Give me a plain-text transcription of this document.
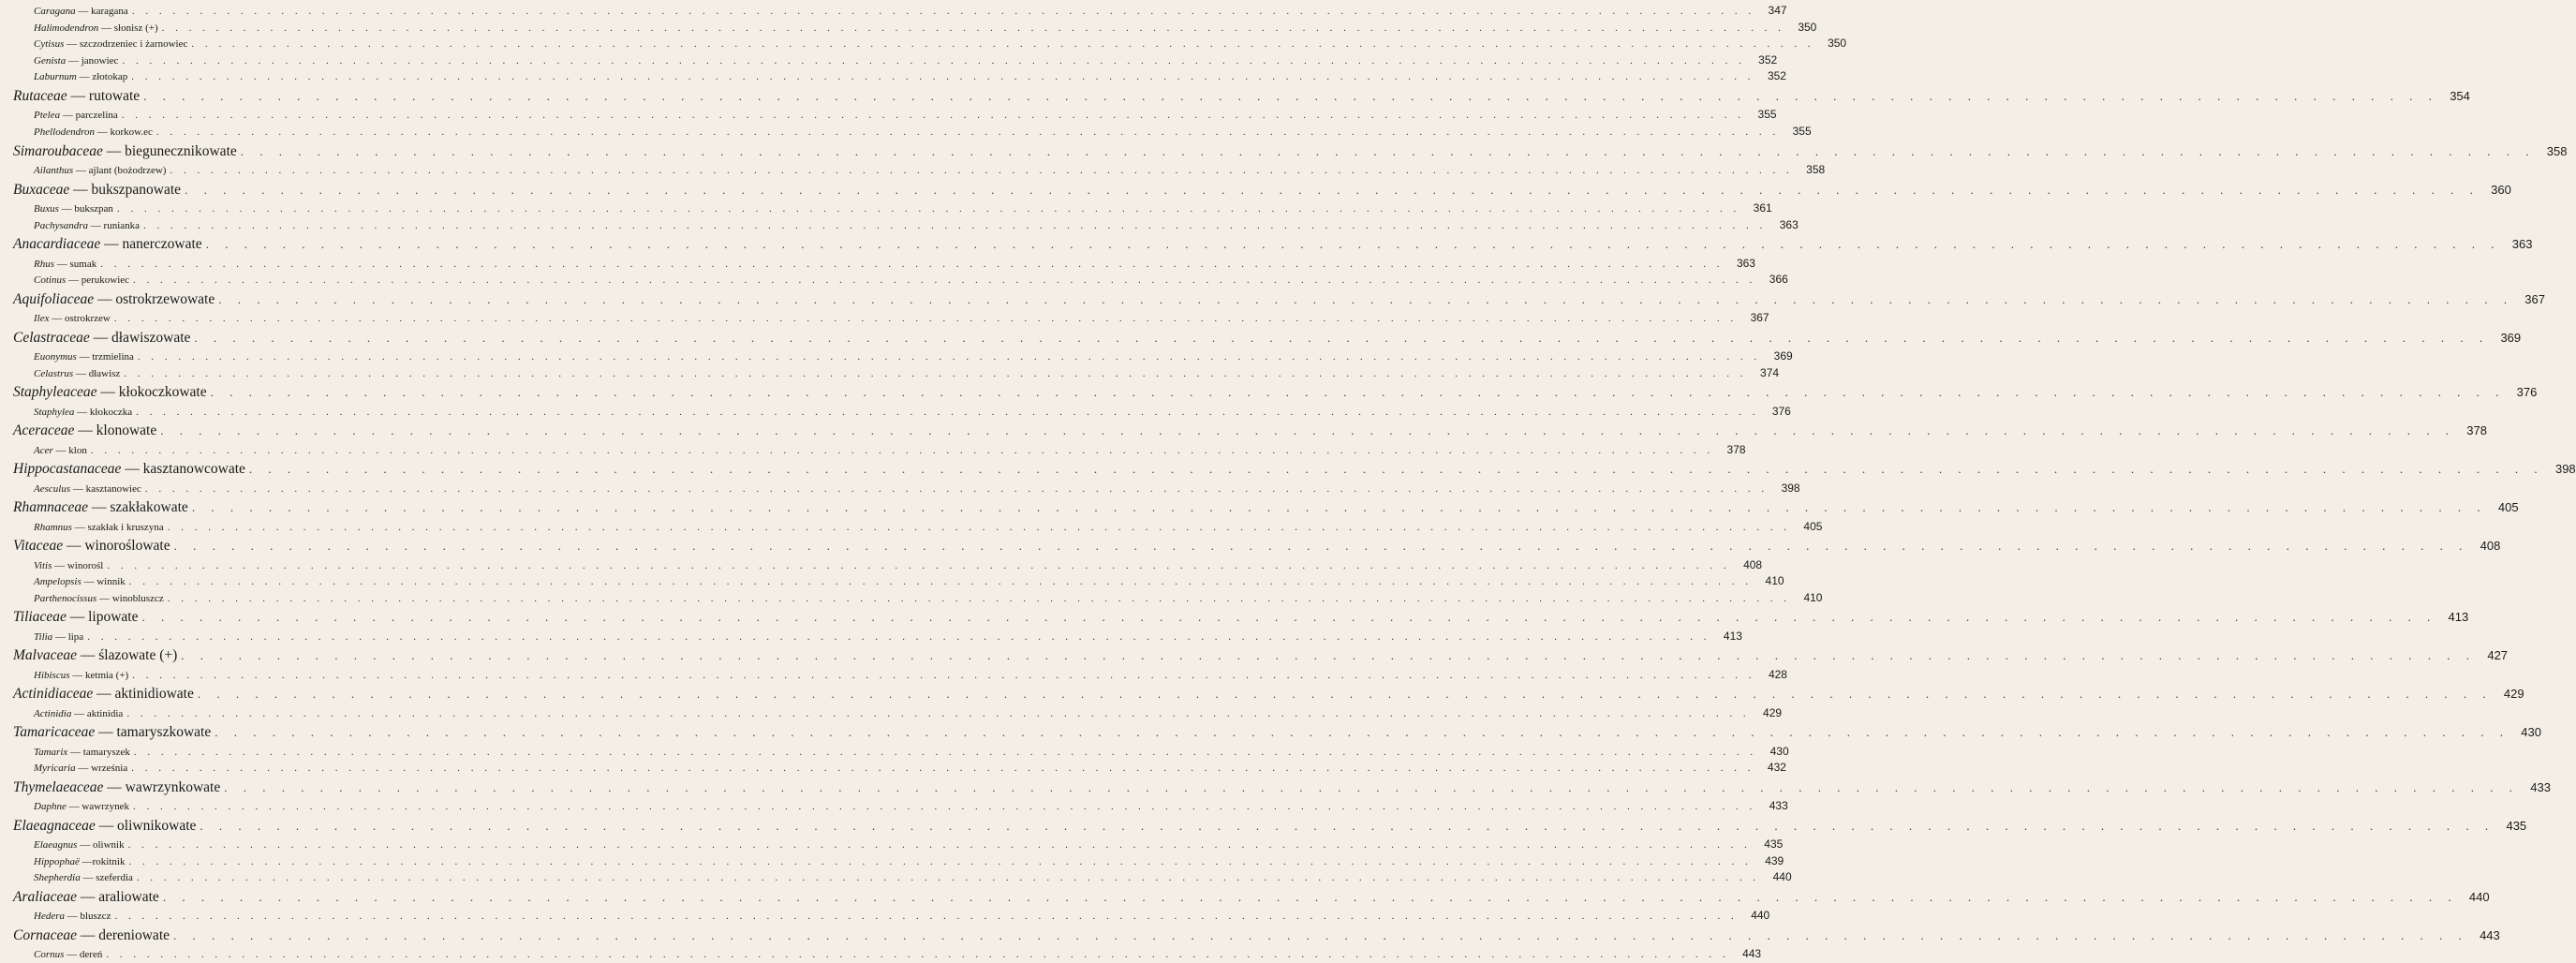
Caragana — karagana . . . . . . . . . . . . . . . . . . . . . . . . . . . . . . . . . . . . . . . . . . . . . . . . . . . . . . . . . . . . . . . . . . . . . . . . . . . . . . . . . . . . . . . . . . . . . . . . . . . . . . . . . . . . . . . . . . . . . . . .	347
Halimodendron — słonisz (+) . . . . . . . . . . . . . . . . . . . . . . . . . . . . . . . . . . . . . . . . . . . . . . . . . . . . . . . . . . . . . . . . . . . . . . . . . . . . . . . . . . . . . . . . . . . . . . . . . . . . . . . . . . . . . . . . . . . . . . . .	350
Cytisus — szczodrzeniec i żarnowiec . . . . . . . . . . . . . . . . . . . . . . . . . . . . . . . . . . . . . . . . . . . . . . . . . . . . . . . . . . . . . . . . . . . . . . . . . . . . . . . . . . . . . . . . . . . . . . . . . . . . . . . . . . . . . . . . . . . . . . . .	350
Genista — janowiec . . . . . . . . . . . . . . . . . . . . . . . . . . . . . . . . . . . . . . . . . . . . . . . . . . . . . . . . . . . . . . . . . . . . . . . . . . . . . . . . . . . . . . . . . . . . . . . . . . . . . . . . . . . . . . . . . . . . . . . .	352
Laburnum — złotokap . . . . . . . . . . . . . . . . . . . . . . . . . . . . . . . . . . . . . . . . . . . . . . . . . . . . . . . . . . . . . . . . . . . . . . . . . . . . . . . . . . . . . . . . . . . . . . . . . . . . . . . . . . . . . . . . . . . . . . . .	352
Rutaceae — rutowate . . . . . . . . . . . . . . . . . . . . . . . . . . . . . . . . . . . . . . . . . . . . . . . . . . . . . . . . . . . . . . . . . . . . . . . . . . . . . . . . . . . . . . . . . . . . . . . . . . . . . . . . . . . . . . . . . . . . . . . . 354
Ptelea — parczelina . . . . . . . . . . . . . . . . . . . . . . . . . . . . . . . . . . . . . . . . . . . . . . . . . . . . . . . . . . . . . . . . . . . . . . . . . . . . . . . . . . . . . . . . . . . . . . . . . . . . . . . . . . . . . . . . . . . . . . . .	355
Phellodendron — korkow.ec . . . . . . . . . . . . . . . . . . . . . . . . . . . . . . . . . . . . . . . . . . . . . . . . . . . . . . . . . . . . . . . . . . . . . . . . . . . . . . . . . . . . . . . . . . . . . . . . . . . . . . . . . . . . . . . . . . . . . . . .	355
Simaroubaceae — biegunecznikowate . . . . . . . . . . . . . . . . . . . . . . . . . . . . . . . . . . . . . . . . . . . . . . . . . . . . . . . . . . . . . . . . . . . . . . . . . . . . . . . . . . . . . . . . . . . . . . . . . . . . . . . . . . . . . . . . . . . . . . . . 358
Ailanthus — ajlant (bożodrzew) . . . . . . . . . . . . . . . . . . . . . . . . . . . . . . . . . . . . . . . . . . . . . . . . . . . . . . . . . . . . . . . . . . . . . . . . . . . . . . . . . . . . . . . . . . . . . . . . . . . . . . . . . . . . . . . . . . . . . . . .	358
Buxaceae — bukszpanowate . . . . . . . . . . . . . . . . . . . . . . . . . . . . . . . . . . . . . . . . . . . . . . . . . . . . . . . . . . . . . . . . . . . . . . . . . . . . . . . . . . . . . . . . . . . . . . . . . . . . . . . . . . . . . . . . . . . . . . . . 360
Buxus — bukszpan . . . . . . . . . . . . . . . . . . . . . . . . . . . . . . . . . . . . . . . . . . . . . . . . . . . . . . . . . . . . . . . . . . . . . . . . . . . . . . . . . . . . . . . . . . . . . . . . . . . . . . . . . . . . . . . . . . . . . . . .	361
Pachysandra — runianka . . . . . . . . . . . . . . . . . . . . . . . . . . . . . . . . . . . . . . . . . . . . . . . . . . . . . . . . . . . . . . . . . . . . . . . . . . . . . . . . . . . . . . . . . . . . . . . . . . . . . . . . . . . . . . . . . . . . . . . .	363
Anacardiaceae — nanerczowate . . . . . . . . . . . . . . . . . . . . . . . . . . . . . . . . . . . . . . . . . . . . . . . . . . . . . . . . . . . . . . . . . . . . . . . . . . . . . . . . . . . . . . . . . . . . . . . . . . . . . . . . . . . . . . . . . . . . . . . . 363
Rhus — sumak . . . . . . . . . . . . . . . . . . . . . . . . . . . . . . . . . . . . . . . . . . . . . . . . . . . . . . . . . . . . . . . . . . . . . . . . . . . . . . . . . . . . . . . . . . . . . . . . . . . . . . . . . . . . . . . . . . . . . . . .	363
Cotinus — perukowiec . . . . . . . . . . . . . . . . . . . . . . . . . . . . . . . . . . . . . . . . . . . . . . . . . . . . . . . . . . . . . . . . . . . . . . . . . . . . . . . . . . . . . . . . . . . . . . . . . . . . . . . . . . . . . . . . . . . . . . . .	366
Aquifoliaceae — ostrokrzewowate . . . . . . . . . . . . . . . . . . . . . . . . . . . . . . . . . . . . . . . . . . . . . . . . . . . . . . . . . . . . . . . . . . . . . . . . . . . . . . . . . . . . . . . . . . . . . . . . . . . . . . . . . . . . . . . . . . . . . . . . 367
Ilex — ostrokrzew . . . . . . . . . . . . . . . . . . . . . . . . . . . . . . . . . . . . . . . . . . . . . . . . . . . . . . . . . . . . . . . . . . . . . . . . . . . . . . . . . . . . . . . . . . . . . . . . . . . . . . . . . . . . . . . . . . . . . . . .	367
Celastraceae — dławiszowate . . . . . . . . . . . . . . . . . . . . . . . . . . . . . . . . . . . . . . . . . . . . . . . . . . . . . . . . . . . . . . . . . . . . . . . . . . . . . . . . . . . . . . . . . . . . . . . . . . . . . . . . . . . . . . . . . . . . . . . . 369
Euonymus — trzmielina . . . . . . . . . . . . . . . . . . . . . . . . . . . . . . . . . . . . . . . . . . . . . . . . . . . . . . . . . . . . . . . . . . . . . . . . . . . . . . . . . . . . . . . . . . . . . . . . . . . . . . . . . . . . . . . . . . . . . . . .	369
Celastrus — dławisz . . . . . . . . . . . . . . . . . . . . . . . . . . . . . . . . . . . . . . . . . . . . . . . . . . . . . . . . . . . . . . . . . . . . . . . . . . . . . . . . . . . . . . . . . . . . . . . . . . . . . . . . . . . . . . . . . . . . . . . .	374
Staphyleaceae — kłokoczkowate . . . . . . . . . . . . . . . . . . . . . . . . . . . . . . . . . . . . . . . . . . . . . . . . . . . . . . . . . . . . . . . . . . . . . . . . . . . . . . . . . . . . . . . . . . . . . . . . . . . . . . . . . . . . . . . . . . . . . . . . 376
Staphylea — kłokoczka . . . . . . . . . . . . . . . . . . . . . . . . . . . . . . . . . . . . . . . . . . . . . . . . . . . . . . . . . . . . . . . . . . . . . . . . . . . . . . . . . . . . . . . . . . . . . . . . . . . . . . . . . . . . . . . . . . . . . . . .	376
Aceraceae — klonowate . . . . . . . . . . . . . . . . . . . . . . . . . . . . . . . . . . . . . . . . . . . . . . . . . . . . . . . . . . . . . . . . . . . . . . . . . . . . . . . . . . . . . . . . . . . . . . . . . . . . . . . . . . . . . . . . . . . . . . . . 378
Acer — klon . . . . . . . . . . . . . . . . . . . . . . . . . . . . . . . . . . . . . . . . . . . . . . . . . . . . . . . . . . . . . . . . . . . . . . . . . . . . . . . . . . . . . . . . . . . . . . . . . . . . . . . . . . . . . . . . . . . . . . . .	378
Hippocastanaceae — kasztanowcowate . . . . . . . . . . . . . . . . . . . . . . . . . . . . . . . . . . . . . . . . . . . . . . . . . . . . . . . . . . . . . . . . . . . . . . . . . . . . . . . . . . . . . . . . . . . . . . . . . . . . . . . . . . . . . . . . . . . . . . . . 398
Aesculus — kasztanowiec . . . . . . . . . . . . . . . . . . . . . . . . . . . . . . . . . . . . . . . . . . . . . . . . . . . . . . . . . . . . . . . . . . . . . . . . . . . . . . . . . . . . . . . . . . . . . . . . . . . . . . . . . . . . . . . . . . . . . . . .	398
Rhamnaceae — szakłakowate . . . . . . . . . . . . . . . . . . . . . . . . . . . . . . . . . . . . . . . . . . . . . . . . . . . . . . . . . . . . . . . . . . . . . . . . . . . . . . . . . . . . . . . . . . . . . . . . . . . . . . . . . . . . . . . . . . . . . . . . 405
Rhamnus — szakłak i kruszyna . . . . . . . . . . . . . . . . . . . . . . . . . . . . . . . . . . . . . . . . . . . . . . . . . . . . . . . . . . . . . . . . . . . . . . . . . . . . . . . . . . . . . . . . . . . . . . . . . . . . . . . . . . . . . . . . . . . . . . . .	405
Vitaceae — winoroślowate . . . . . . . . . . . . . . . . . . . . . . . . . . . . . . . . . . . . . . . . . . . . . . . . . . . . . . . . . . . . . . . . . . . . . . . . . . . . . . . . . . . . . . . . . . . . . . . . . . . . . . . . . . . . . . . . . . . . . . . . 408
Vitis — winorośl . . . . . . . . . . . . . . . . . . . . . . . . . . . . . . . . . . . . . . . . . . . . . . . . . . . . . . . . . . . . . . . . . . . . . . . . . . . . . . . . . . . . . . . . . . . . . . . . . . . . . . . . . . . . . . . . . . . . . . . .	408
Ampelopsis — winnik . . . . . . . . . . . . . . . . . . . . . . . . . . . . . . . . . . . . . . . . . . . . . . . . . . . . . . . . . . . . . . . . . . . . . . . . . . . . . . . . . . . . . . . . . . . . . . . . . . . . . . . . . . . . . . . . . . . . . . . .	410
Parthenocissus — winobluszcz . . . . . . . . . . . . . . . . . . . . . . . . . . . . . . . . . . . . . . . . . . . . . . . . . . . . . . . . . . . . . . . . . . . . . . . . . . . . . . . . . . . . . . . . . . . . . . . . . . . . . . . . . . . . . . . . . . . . . . . .	410
Tiliaceae — lipowate . . . . . . . . . . . . . . . . . . . . . . . . . . . . . . . . . . . . . . . . . . . . . . . . . . . . . . . . . . . . . . . . . . . . . . . . . . . . . . . . . . . . . . . . . . . . . . . . . . . . . . . . . . . . . . . . . . . . . . . . 413
Tilia — lipa . . . . . . . . . . . . . . . . . . . . . . . . . . . . . . . . . . . . . . . . . . . . . . . . . . . . . . . . . . . . . . . . . . . . . . . . . . . . . . . . . . . . . . . . . . . . . . . . . . . . . . . . . . . . . . . . . . . . . . . .	413
Malvaceae — ślazowate (+) . . . . . . . . . . . . . . . . . . . . . . . . . . . . . . . . . . . . . . . . . . . . . . . . . . . . . . . . . . . . . . . . . . . . . . . . . . . . . . . . . . . . . . . . . . . . . . . . . . . . . . . . . . . . . . . . . . . . . . . . 427
Hibiscus — ketmia (+) . . . . . . . . . . . . . . . . . . . . . . . . . . . . . . . . . . . . . . . . . . . . . . . . . . . . . . . . . . . . . . . . . . . . . . . . . . . . . . . . . . . . . . . . . . . . . . . . . . . . . . . . . . . . . . . . . . . . . . . .	428
Actinidiaceae — aktinidiowate . . . . . . . . . . . . . . . . . . . . . . . . . . . . . . . . . . . . . . . . . . . . . . . . . . . . . . . . . . . . . . . . . . . . . . . . . . . . . . . . . . . . . . . . . . . . . . . . . . . . . . . . . . . . . . . . . . . . . . . . 429
Actinidia — aktinidia . . . . . . . . . . . . . . . . . . . . . . . . . . . . . . . . . . . . . . . . . . . . . . . . . . . . . . . . . . . . . . . . . . . . . . . . . . . . . . . . . . . . . . . . . . . . . . . . . . . . . . . . . . . . . . . . . . . . . . . .	429
Tamaricaceae — tamaryszkowate . . . . . . . . . . . . . . . . . . . . . . . . . . . . . . . . . . . . . . . . . . . . . . . . . . . . . . . . . . . . . . . . . . . . . . . . . . . . . . . . . . . . . . . . . . . . . . . . . . . . . . . . . . . . . . . . . . . . . . . . 430
Tamarix — tamaryszek . . . . . . . . . . . . . . . . . . . . . . . . . . . . . . . . . . . . . . . . . . . . . . . . . . . . . . . . . . . . . . . . . . . . . . . . . . . . . . . . . . . . . . . . . . . . . . . . . . . . . . . . . . . . . . . . . . . . . . . .	430
Myricaria — września . . . . . . . . . . . . . . . . . . . . . . . . . . . . . . . . . . . . . . . . . . . . . . . . . . . . . . . . . . . . . . . . . . . . . . . . . . . . . . . . . . . . . . . . . . . . . . . . . . . . . . . . . . . . . . . . . . . . . . . .	432
Thymelaeaceae — wawrzynkowate . . . . . . . . . . . . . . . . . . . . . . . . . . . . . . . . . . . . . . . . . . . . . . . . . . . . . . . . . . . . . . . . . . . . . . . . . . . . . . . . . . . . . . . . . . . . . . . . . . . . . . . . . . . . . . . . . . . . . . . . 433
Daphne — wawrzynek . . . . . . . . . . . . . . . . . . . . . . . . . . . . . . . . . . . . . . . . . . . . . . . . . . . . . . . . . . . . . . . . . . . . . . . . . . . . . . . . . . . . . . . . . . . . . . . . . . . . . . . . . . . . . . . . . . . . . . . .	433
Elaeagnaceae — oliwnikowate . . . . . . . . . . . . . . . . . . . . . . . . . . . . . . . . . . . . . . . . . . . . . . . . . . . . . . . . . . . . . . . . . . . . . . . . . . . . . . . . . . . . . . . . . . . . . . . . . . . . . . . . . . . . . . . . . . . . . . . . 435
Elaeagnus — oliwnik . . . . . . . . . . . . . . . . . . . . . . . . . . . . . . . . . . . . . . . . . . . . . . . . . . . . . . . . . . . . . . . . . . . . . . . . . . . . . . . . . . . . . . . . . . . . . . . . . . . . . . . . . . . . . . . . . . . . . . . .	435
Hippophaë —rokitnik . . . . . . . . . . . . . . . . . . . . . . . . . . . . . . . . . . . . . . . . . . . . . . . . . . . . . . . . . . . . . . . . . . . . . . . . . . . . . . . . . . . . . . . . . . . . . . . . . . . . . . . . . . . . . . . . . . . . . . . .	439
Shepherdia — szeferdia . . . . . . . . . . . . . . . . . . . . . . . . . . . . . . . . . . . . . . . . . . . . . . . . . . . . . . . . . . . . . . . . . . . . . . . . . . . . . . . . . . . . . . . . . . . . . . . . . . . . . . . . . . . . . . . . . . . . . . . .	440
Araliaceae — araliowate . . . . . . . . . . . . . . . . . . . . . . . . . . . . . . . . . . . . . . . . . . . . . . . . . . . . . . . . . . . . . . . . . . . . . . . . . . . . . . . . . . . . . . . . . . . . . . . . . . . . . . . . . . . . . . . . . . . . . . . . 440
Hedera — bluszcz . . . . . . . . . . . . . . . . . . . . . . . . . . . . . . . . . . . . . . . . . . . . . . . . . . . . . . . . . . . . . . . . . . . . . . . . . . . . . . . . . . . . . . . . . . . . . . . . . . . . . . . . . . . . . . . . . . . . . . . .	440
Cornaceae — dereniowate . . . . . . . . . . . . . . . . . . . . . . . . . . . . . . . . . . . . . . . . . . . . . . . . . . . . . . . . . . . . . . . . . . . . . . . . . . . . . . . . . . . . . . . . . . . . . . . . . . . . . . . . . . . . . . . . . . . . . . . . 443
Cornus — dereń . . . . . . . . . . . . . . . . . . . . . . . . . . . . . . . . . . . . . . . . . . . . . . . . . . . . . . . . . . . . . . . . . . . . . . . . . . . . . . . . . . . . . . . . . . . . . . . . . . . . . . . . . . . . . . . . . . . . . . . .	443
